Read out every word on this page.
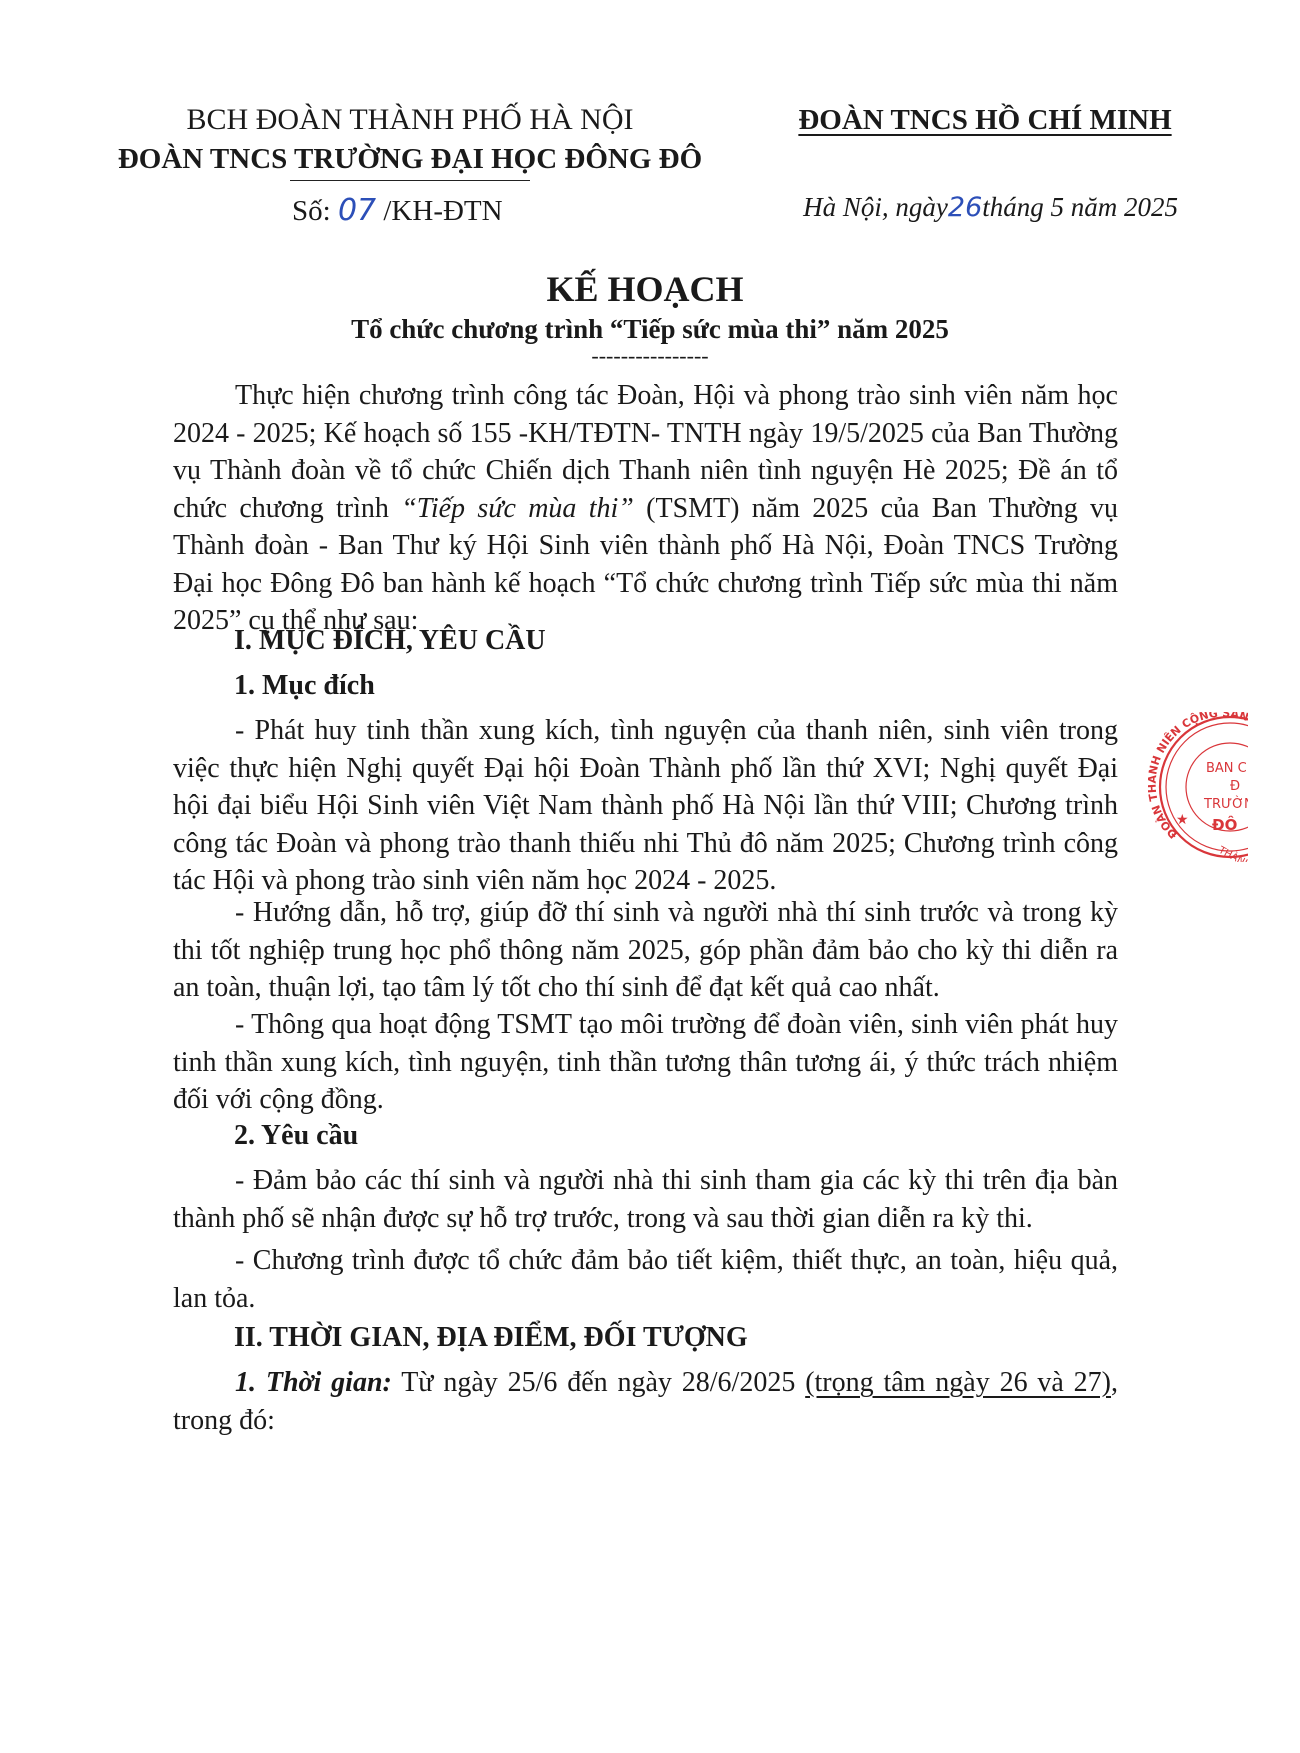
BCH ĐOÀN THÀNH PHỐ HÀ NỘI
ĐOÀN TNCS TRƯỜNG ĐẠI HỌC ĐÔNG ĐÔ
ĐOÀN TNCS HỒ CHÍ MINH
Số: 07 /KH-ĐTN	Hà Nội, ngày26tháng 5 năm 2025
KẾ HOẠCH
Tổ chức chương trình “Tiếp sức mùa thi” năm 2025
----------------
Thực hiện chương trình công tác Đoàn, Hội và phong trào sinh viên năm học 2024 - 2025; Kế hoạch số 155 -KH/TĐTN- TNTH ngày 19/5/2025 của Ban Thường vụ Thành đoàn về tổ chức Chiến dịch Thanh niên tình nguyện Hè 2025; Đề án tổ chức chương trình “Tiếp sức mùa thi” (TSMT) năm 2025 của Ban Thường vụ Thành đoàn - Ban Thư ký Hội Sinh viên thành phố Hà Nội, Đoàn TNCS Trường Đại học Đông Đô ban hành kế hoạch “Tổ chức chương trình Tiếp sức mùa thi năm 2025” cụ thể như sau:
I. MỤC ĐÍCH, YÊU CẦU
1. Mục đích
- Phát huy tinh thần xung kích, tình nguyện của thanh niên, sinh viên trong việc thực hiện Nghị quyết Đại hội Đoàn Thành phố lần thứ XVI; Nghị quyết Đại hội đại biểu Hội Sinh viên Việt Nam thành phố Hà Nội lần thứ VIII; Chương trình công tác Đoàn và phong trào thanh thiếu nhi Thủ đô năm 2025; Chương trình công tác Hội và phong trào sinh viên năm học 2024 - 2025.
- Hướng dẫn, hỗ trợ, giúp đỡ thí sinh và người nhà thí sinh trước và trong kỳ thi tốt nghiệp trung học phổ thông năm 2025, góp phần đảm bảo cho kỳ thi diễn ra an toàn, thuận lợi, tạo tâm lý tốt cho thí sinh để đạt kết quả cao nhất.
- Thông qua hoạt động TSMT tạo môi trường để đoàn viên, sinh viên phát huy tinh thần xung kích, tình nguyện, tinh thần tương thân tương ái, ý thức trách nhiệm đối với cộng đồng.
2. Yêu cầu
- Đảm bảo các thí sinh và người nhà thi sinh tham gia các kỳ thi trên địa bàn thành phố sẽ nhận được sự hỗ trợ trước, trong và sau thời gian diễn ra kỳ thi.
- Chương trình được tổ chức đảm bảo tiết kiệm, thiết thực, an toàn, hiệu quả, lan tỏa.
II. THỜI GIAN, ĐỊA ĐIỂM, ĐỐI TƯỢNG
1. Thời gian: Từ ngày 25/6 đến ngày 28/6/2025 (trọng tâm ngày 26 và 27), trong đó:
ĐOÀN H NIÊN CỘNG SẢ
BAN C
Đ
TRƯỜ
ĐÔ
★
THÀNH
